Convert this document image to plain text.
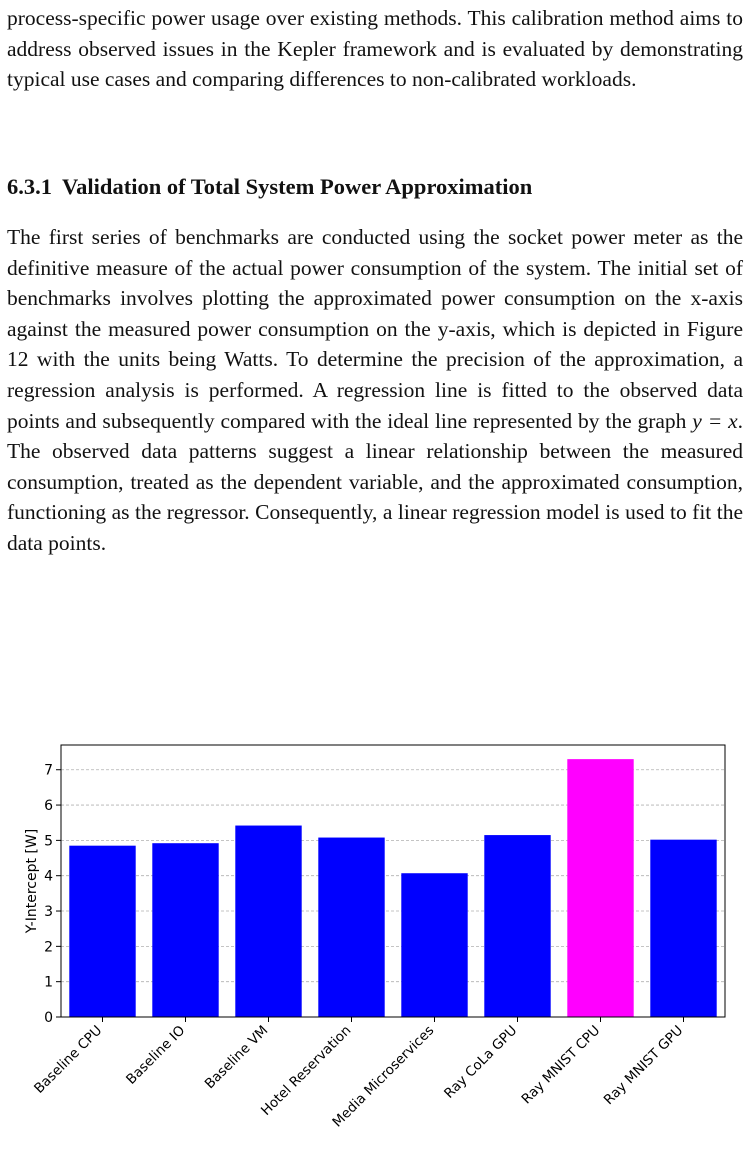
process-specific power usage over existing methods. This calibration method aims to address observed issues in the Kepler framework and is evaluated by demonstrating typical use cases and comparing differences to non-calibrated workloads.

6.3.1 Validation of Total System Power Approximation

The first series of benchmarks are conducted using the socket power meter as the definitive measure of the actual power consumption of the system. The initial set of benchmarks involves plotting the approximated power consumption on the x-axis against the measured power consumption on the y-axis, which is depicted in Figure 12 with the units being Watts. To determine the precision of the approximation, a regression analysis is performed. A regression line is fitted to the observed data points and subsequently compared with the ideal line represented by the graph y = x. The observed data patterns suggest a linear relationship between the measured consumption, treated as the dependent variable, and the approximated consumption, functioning as the regressor. Consequently, a linear regression model is used to fit the data points.

0
1
2
3
4
5
6
7
Baseline CPU Baseline IO Baseline VM
Hotel Reservation
Media Microservices Ray CoLa GPU
Ray MNIST CPU
Ray MNIST GPU
Y-Intercept [W]
